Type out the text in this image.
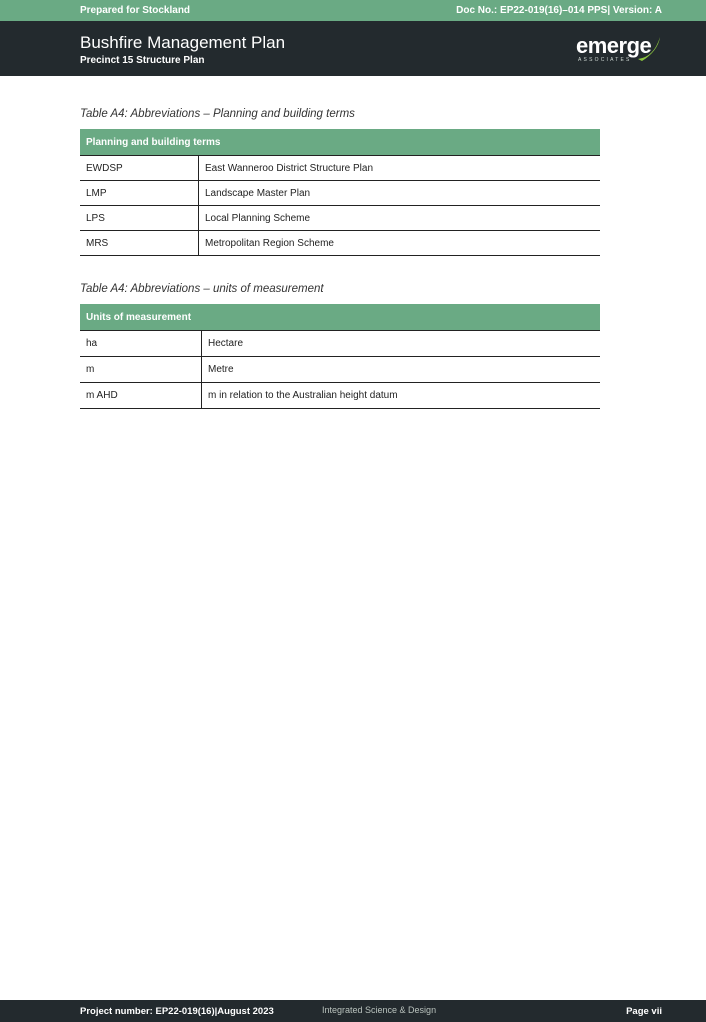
Prepared for Stockland	Doc No.: EP22-019(16)–014 PPS| Version: A
Bushfire Management Plan
Precinct 15 Structure Plan
emerge
ASSOCIATES
Table A4: Abbreviations – Planning and building terms
Planning and building terms	
EWDSP	East Wanneroo District Structure Plan
LMP	Landscape Master Plan
LPS	Local Planning Scheme
MRS	Metropolitan Region Scheme
Table A4: Abbreviations – units of measurement
Units of measurement	
ha	Hectare
m	Metre
m AHD	m in relation to the Australian height datum
Project number: EP22-019(16)|August 2023	Integrated Science & Design	Page vii
